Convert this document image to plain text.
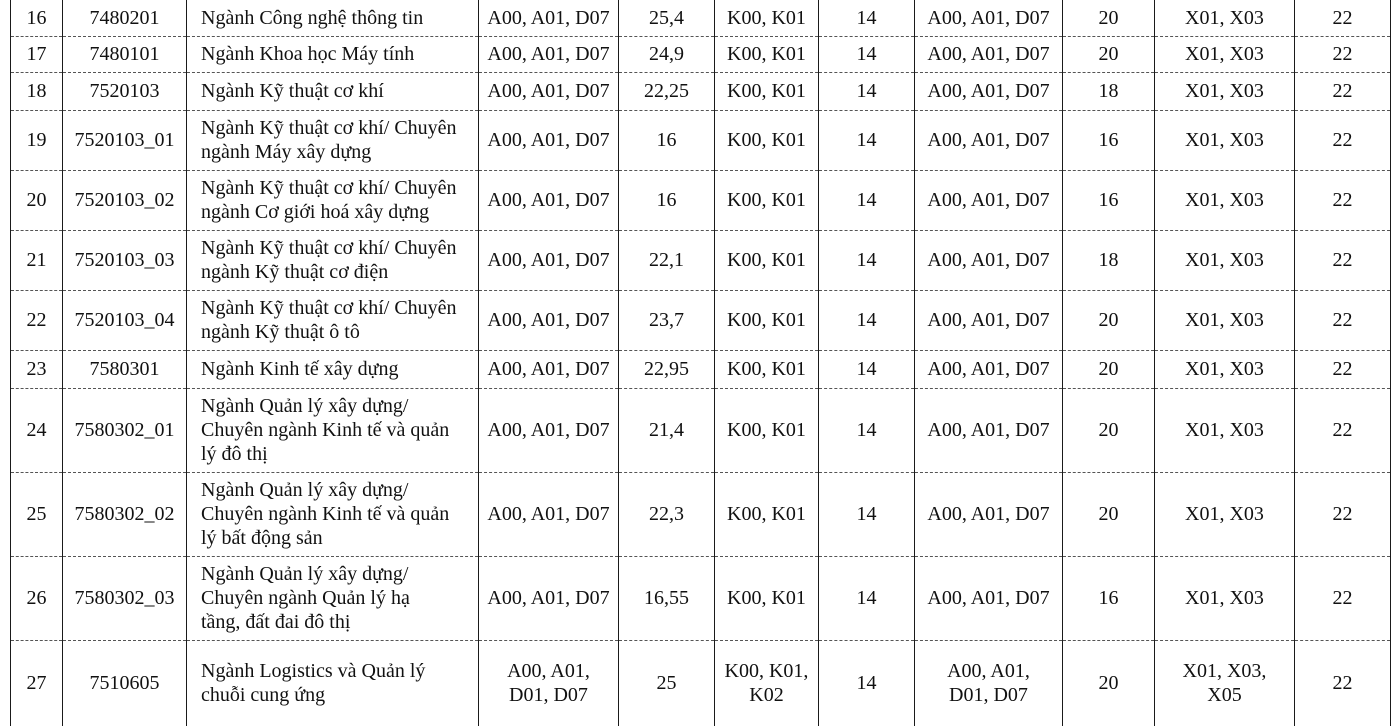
16	7480201	Ngành Công nghệ thông tin	A00, A01, D07	25,4	K00, K01	14	A00, A01, D07	20	X01, X03	22
17	7480101	Ngành Khoa học Máy tính	A00, A01, D07	24,9	K00, K01	14	A00, A01, D07	20	X01, X03	22
18	7520103	Ngành Kỹ thuật cơ khí	A00, A01, D07	22,25	K00, K01	14	A00, A01, D07	18	X01, X03	22
19	7520103_01	Ngành Kỹ thuật cơ khí/ Chuyên
ngành Máy xây dựng	A00, A01, D07	16	K00, K01	14	A00, A01, D07	16	X01, X03	22
20	7520103_02	Ngành Kỹ thuật cơ khí/ Chuyên
ngành Cơ giới hoá xây dựng	A00, A01, D07	16	K00, K01	14	A00, A01, D07	16	X01, X03	22
21	7520103_03	Ngành Kỹ thuật cơ khí/ Chuyên
ngành Kỹ thuật cơ điện	A00, A01, D07	22,1	K00, K01	14	A00, A01, D07	18	X01, X03	22
22	7520103_04	Ngành Kỹ thuật cơ khí/ Chuyên
ngành Kỹ thuật ô tô	A00, A01, D07	23,7	K00, K01	14	A00, A01, D07	20	X01, X03	22
23	7580301	Ngành Kinh tế xây dựng	A00, A01, D07	22,95	K00, K01	14	A00, A01, D07	20	X01, X03	22
24	7580302_01	Ngành Quản lý xây dựng/
Chuyên ngành Kinh tế và quản
lý đô thị	A00, A01, D07	21,4	K00, K01	14	A00, A01, D07	20	X01, X03	22
25	7580302_02	Ngành Quản lý xây dựng/
Chuyên ngành Kinh tế và quản
lý bất động sản	A00, A01, D07	22,3	K00, K01	14	A00, A01, D07	20	X01, X03	22
26	7580302_03	Ngành Quản lý xây dựng/
Chuyên ngành Quản lý hạ
tầng, đất đai đô thị	A00, A01, D07	16,55	K00, K01	14	A00, A01, D07	16	X01, X03	22
27	7510605	Ngành Logistics và Quản lý
chuỗi cung ứng	A00, A01,
D01, D07	25	K00, K01,
K02	14	A00, A01,
D01, D07	20	X01, X03,
X05	22
